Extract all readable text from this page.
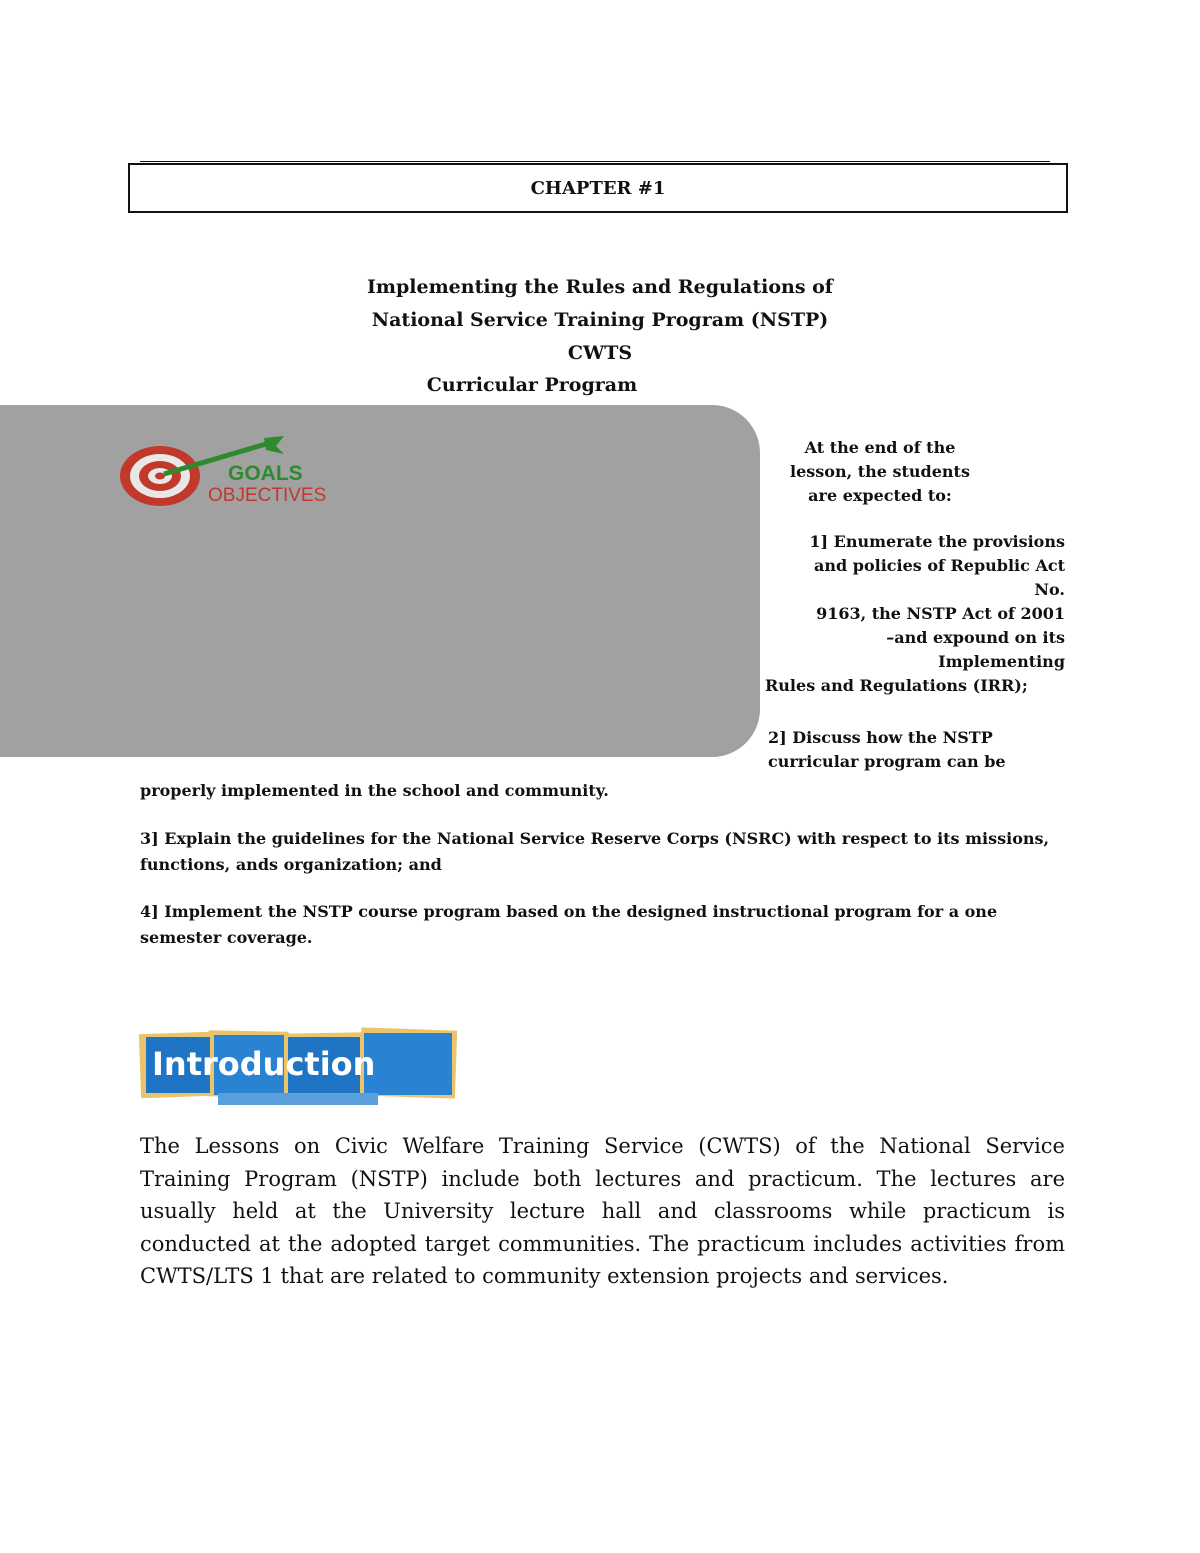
CHAPTER #1
Implementing the Rules and Regulations of
National Service Training Program (NSTP)
CWTS
Curricular Program
GOALS
OBJECTIVES
At the end of the
lesson, the students
are expected to:
1] Enumerate the provisions
and policies of Republic Act
No.
9163, the NSTP Act of 2001
–and expound on its
Implementing
Rules and Regulations (IRR);
2] Discuss how the NSTP
curricular program can be
properly implemented in the school and community.
3] Explain the guidelines for the National Service Reserve Corps (NSRC) with respect to its missions, functions, ands organization; and
4] Implement the NSTP course program based on the designed instructional program for a one semester coverage.
Introduction
The Lessons on Civic Welfare Training Service (CWTS) of the National Service Training Program (NSTP) include both lectures and practicum. The lectures are usually held at the University lecture hall and classrooms while practicum is conducted at the adopted target communities. The practicum includes activities from CWTS/LTS 1 that are related to community extension projects and services.
